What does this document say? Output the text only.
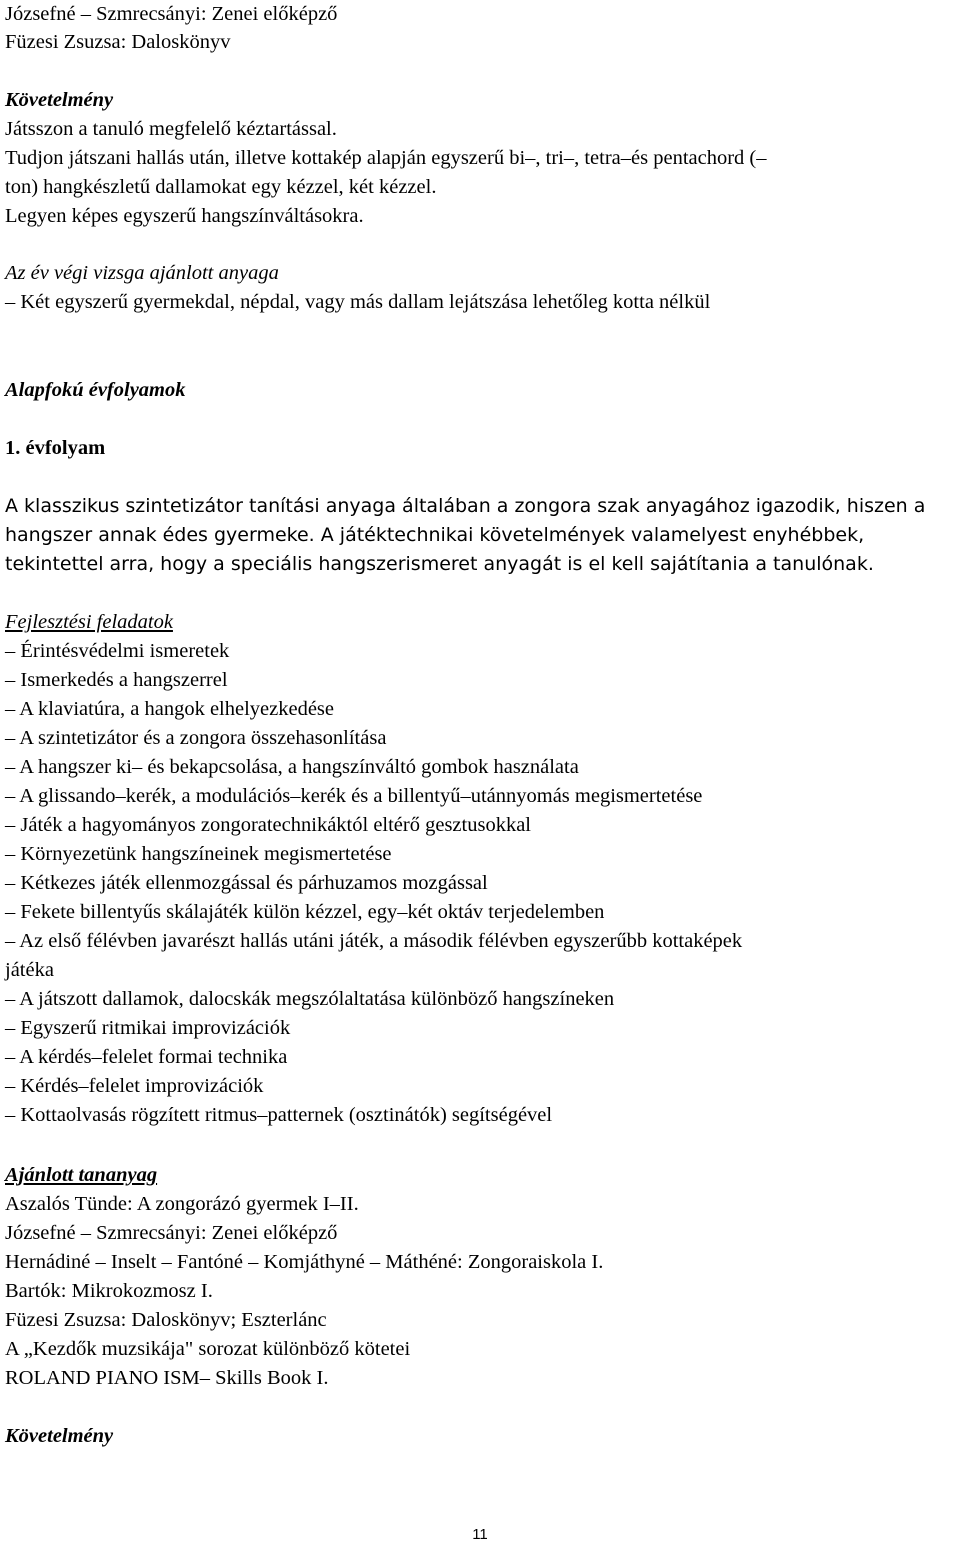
Józsefné – Szmrecsányi: Zenei előképző
Füzesi Zsuzsa: Daloskönyv
Követelmény
Játsszon a tanuló megfelelő kéztartással.
Tudjon játszani hallás után, illetve kottakép alapján egyszerű bi–, tri–, tetra–és pentachord (–
ton) hangkészletű dallamokat egy kézzel, két kézzel.
Legyen képes egyszerű hangszínváltásokra.
Az év végi vizsga ajánlott anyaga
– Két egyszerű gyermekdal, népdal, vagy más dallam lejátszása lehetőleg kotta nélkül
Alapfokú évfolyamok
1. évfolyam
A klasszikus szintetizátor tanítási anyaga általában a zongora szak anyagához igazodik, hiszen a hangszer annak édes gyermeke. A játéktechnikai követelmények valamelyest enyhébbek, tekintettel arra, hogy a speciális hangszerismeret anyagát is el kell sajátítania a tanulónak.
Fejlesztési feladatok
– Érintésvédelmi ismeretek
– Ismerkedés a hangszerrel
– A klaviatúra, a hangok elhelyezkedése
– A szintetizátor és a zongora összehasonlítása
– A hangszer ki– és bekapcsolása, a hangszínváltó gombok használata
– A glissando–kerék, a modulációs–kerék és a billentyű–utánnyomás megismertetése
– Játék a hagyományos zongoratechnikáktól eltérő gesztusokkal
– Környezetünk hangszíneinek megismertetése
– Kétkezes játék ellenmozgással és párhuzamos mozgással
– Fekete billentyűs skálajáték külön kézzel, egy–két oktáv terjedelemben
– Az első félévben javarészt hallás utáni játék, a második félévben egyszerűbb kottaképek
játéka
– A játszott dallamok, dalocskák megszólaltatása különböző hangszíneken
– Egyszerű ritmikai improvizációk
– A kérdés–felelet formai technika
– Kérdés–felelet improvizációk
– Kottaolvasás rögzített ritmus–patternek (osztinátók) segítségével
Ajánlott tananyag
Aszalós Tünde: A zongorázó gyermek I–II.
Józsefné – Szmrecsányi: Zenei előképző
Hernádiné – Inselt – Fantóné – Komjáthyné – Máthéné: Zongoraiskola I.
Bartók: Mikrokozmosz I.
Füzesi Zsuzsa: Daloskönyv; Eszterlánc
A „Kezdők muzsikája" sorozat különböző kötetei
ROLAND PIANO ISM– Skills Book I.
Követelmény
11
